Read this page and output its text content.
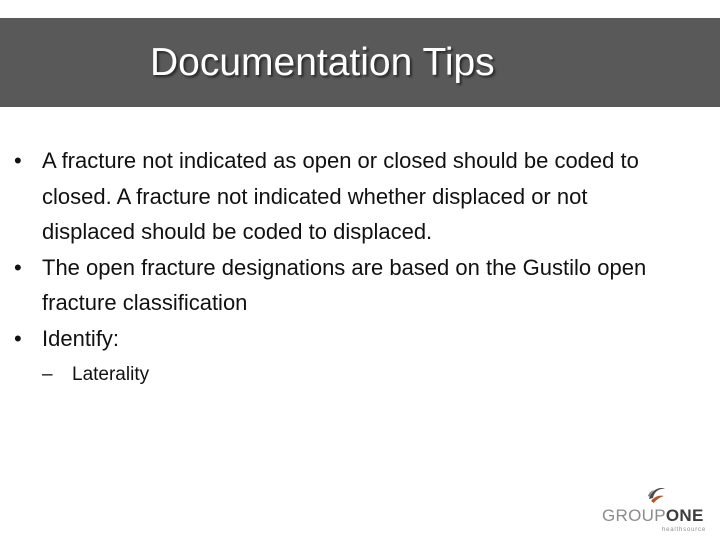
Documentation Tips
• A fracture not indicated as open or closed should be coded to closed. A fracture not indicated whether displaced or not displaced should be coded to displaced.
• The open fracture designations are based on the Gustilo open fracture classification
• Identify:
– Laterality
GROUPONE
healthsource
